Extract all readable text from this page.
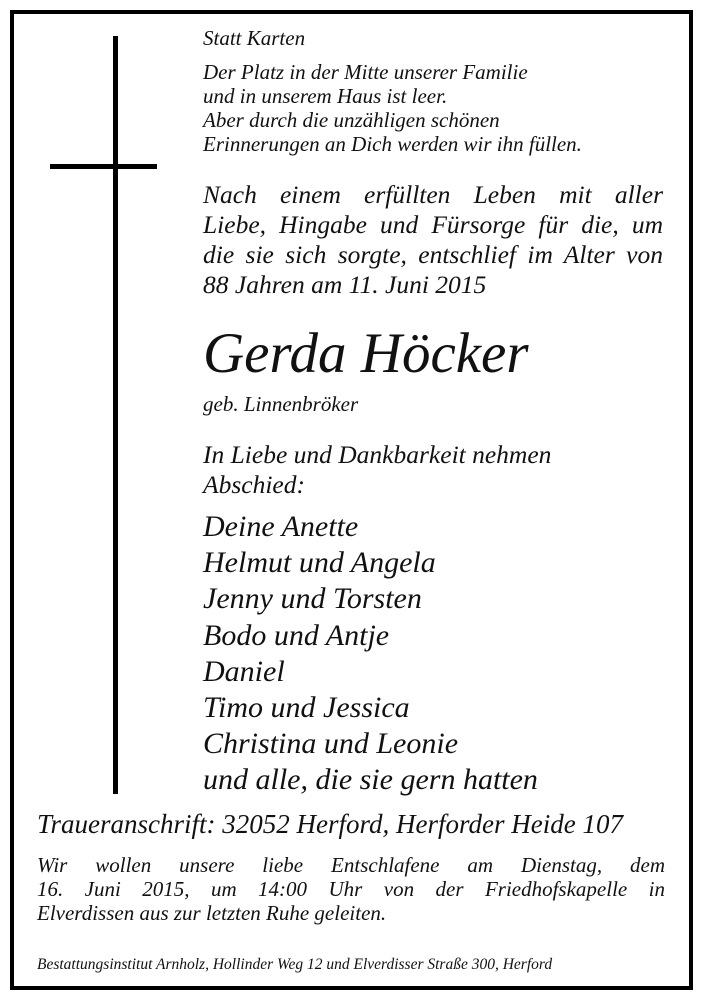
Statt Karten
Der Platz in der Mitte unserer Familie
und in unserem Haus ist leer.
Aber durch die unzähligen schönen
Erinnerungen an Dich werden wir ihn füllen.
Nach einem erfüllten Leben mit aller
Liebe, Hingabe und Fürsorge für die, um
die sie sich sorgte, entschlief im Alter von
88 Jahren am 11. Juni 2015
Gerda Höcker
geb. Linnenbröker
In Liebe und Dankbarkeit nehmen
Abschied:
Deine Anette
Helmut und Angela
Jenny und Torsten
Bodo und Antje
Daniel
Timo und Jessica
Christina und Leonie
und alle, die sie gern hatten
Traueranschrift: 32052 Herford, Herforder Heide 107
Wir wollen unsere liebe Entschlafene am Dienstag, dem
16. Juni 2015, um 14:00 Uhr von der Friedhofskapelle in
Elverdissen aus zur letzten Ruhe geleiten.
Bestattungsinstitut Arnholz, Hollinder Weg 12 und Elverdisser Straße 300, Herford
